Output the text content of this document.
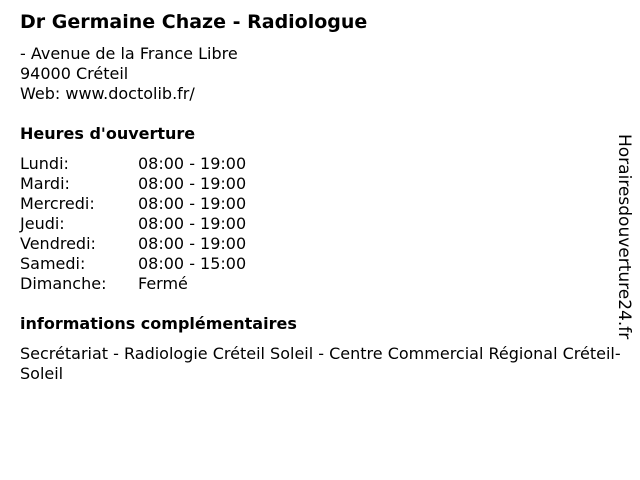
Dr Germaine Chaze - Radiologue
- Avenue de la France Libre
94000 Créteil
Web: www.doctolib.fr/
Heures d'ouverture
Lundi:	08:00 - 19:00
Mardi:	08:00 - 19:00
Mercredi:	08:00 - 19:00
Jeudi:	08:00 - 19:00
Vendredi:	08:00 - 19:00
Samedi:	08:00 - 15:00
Dimanche:	Fermé
informations complémentaires
Secrétariat - Radiologie Créteil Soleil - Centre Commercial Régional Créteil-Soleil
Horairesdouverture24.fr
